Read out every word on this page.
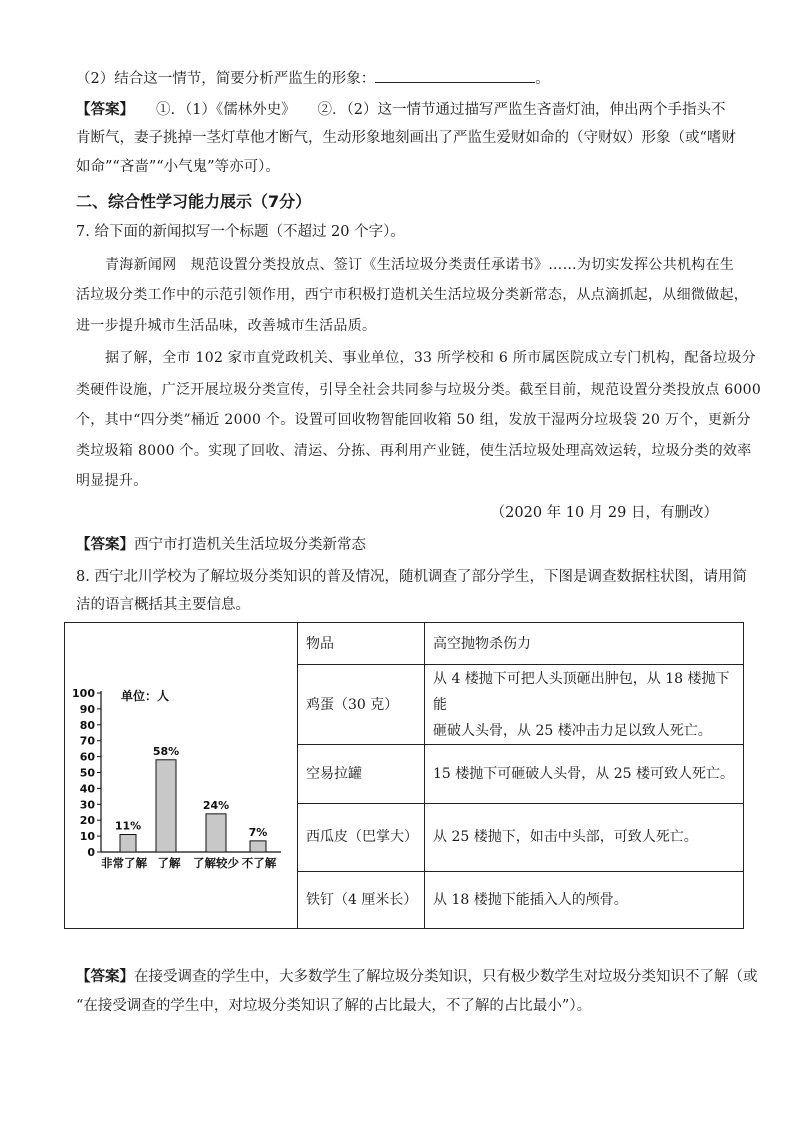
（2）结合这一情节，简要分析严监生的形象：	。
【答案】 ①．（1）《儒林外史》　　②．（2）这一情节通过描写严监生吝啬灯油，伸出两个手指头不
肯断气，妻子挑掉一茎灯草他才断气，生动形象地刻画出了严监生爱财如命的（守财奴）形象（或“嗜财
如命”“吝啬”“小气鬼”等亦可）。
二、综合性学习能力展示（7分）
7. 给下面的新闻拟写一个标题（不超过 20 个字）。
青海新闻网　规范设置分类投放点、签订《生活垃圾分类责任承诺书》……为切实发挥公共机构在生
活垃圾分类工作中的示范引领作用，西宁市积极打造机关生活垃圾分类新常态，从点滴抓起，从细微做起，
进一步提升城市生活品味，改善城市生活品质。
据了解，全市 102 家市直党政机关、事业单位，33 所学校和 6 所市属医院成立专门机构，配备垃圾分
类硬件设施，广泛开展垃圾分类宣传，引导全社会共同参与垃圾分类。截至目前，规范设置分类投放点 6000
个，其中“四分类”桶近 2000 个。设置可回收物智能回收箱 50 组，发放干湿两分垃圾袋 20 万个，更新分
类垃圾箱 8000 个。实现了回收、清运、分拣、再利用产业链，使生活垃圾处理高效运转，垃圾分类的效率
明显提升。
（2020 年 10 月 29 日，有删改）
【答案】西宁市打造机关生活垃圾分类新常态
8. 西宁北川学校为了解垃圾分类知识的普及情况，随机调查了部分学生，下图是调查数据柱状图，请用简
洁的语言概括其主要信息。
0
10
20
30
40
50
60
70
80
90
100 单位：人
11%
58%
24%
7%
非常了解 了解 了解较少 不了解
物品	高空抛物杀伤力
鸡蛋（30 克）	从 4 楼抛下可把人头顶砸出肿包，从 18 楼抛下能
砸破人头骨，从 25 楼冲击力足以致人死亡。

空易拉罐	15 楼抛下可砸破人头骨，从 25 楼可致人死亡。
西瓜皮（巴掌大）	从 25 楼抛下，如击中头部，可致人死亡。
铁钉（4 厘米长）	从 18 楼抛下能插入人的颅骨。
【答案】在接受调查的学生中，大多数学生了解垃圾分类知识，只有极少数学生对垃圾分类知识不了解（或
“在接受调查的学生中，对垃圾分类知识了解的占比最大，不了解的占比最小”）。
